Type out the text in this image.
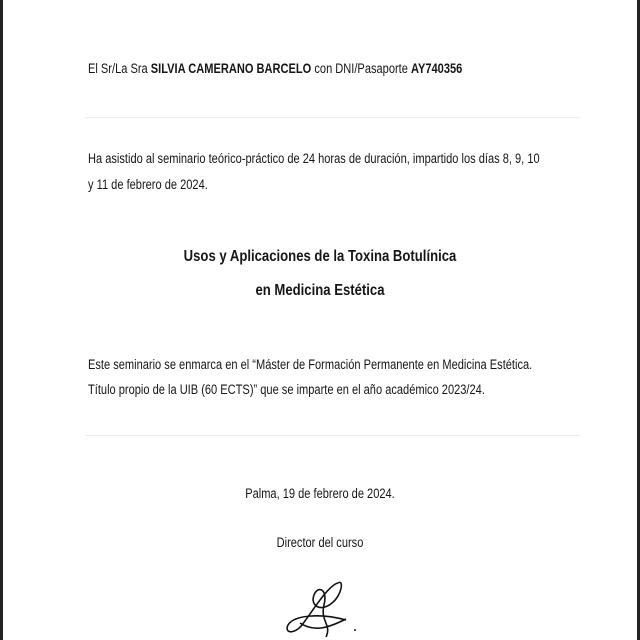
El Sr/La Sra SILVIA CAMERANO BARCELO con DNI/Pasaporte AY740356
Ha asistido al seminario teórico-práctico de 24 horas de duración, impartido los días 8, 9, 10
y 11 de febrero de 2024.
Usos y Aplicaciones de la Toxina Botulínica
en Medicina Estética
Este seminario se enmarca en el “Máster de Formación Permanente en Medicina Estética.
Título propio de la UIB (60 ECTS)” que se imparte en el año académico 2023/24.
Palma, 19 de febrero de 2024.
Director del curso
